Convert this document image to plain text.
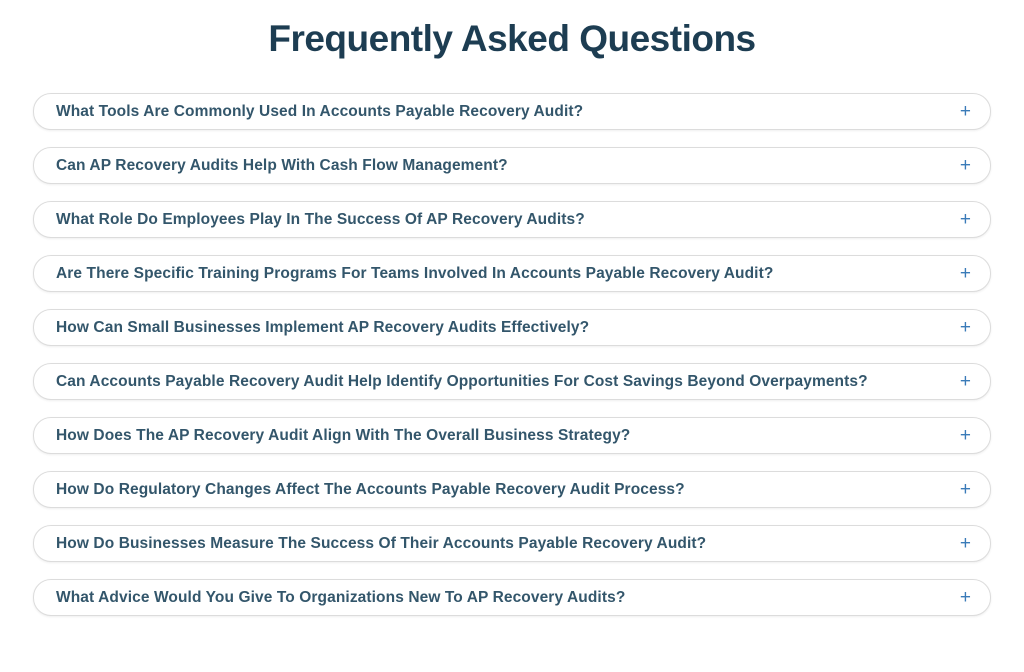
Frequently Asked Questions
What Tools Are Commonly Used In Accounts Payable Recovery Audit?	+
Can AP Recovery Audits Help With Cash Flow Management?	+
What Role Do Employees Play In The Success Of AP Recovery Audits?	+
Are There Specific Training Programs For Teams Involved In Accounts Payable Recovery Audit?	+
How Can Small Businesses Implement AP Recovery Audits Effectively?	+
Can Accounts Payable Recovery Audit Help Identify Opportunities For Cost Savings Beyond Overpayments?	+
How Does The AP Recovery Audit Align With The Overall Business Strategy?	+
How Do Regulatory Changes Affect The Accounts Payable Recovery Audit Process?	+
How Do Businesses Measure The Success Of Their Accounts Payable Recovery Audit?	+
What Advice Would You Give To Organizations New To AP Recovery Audits?	+
